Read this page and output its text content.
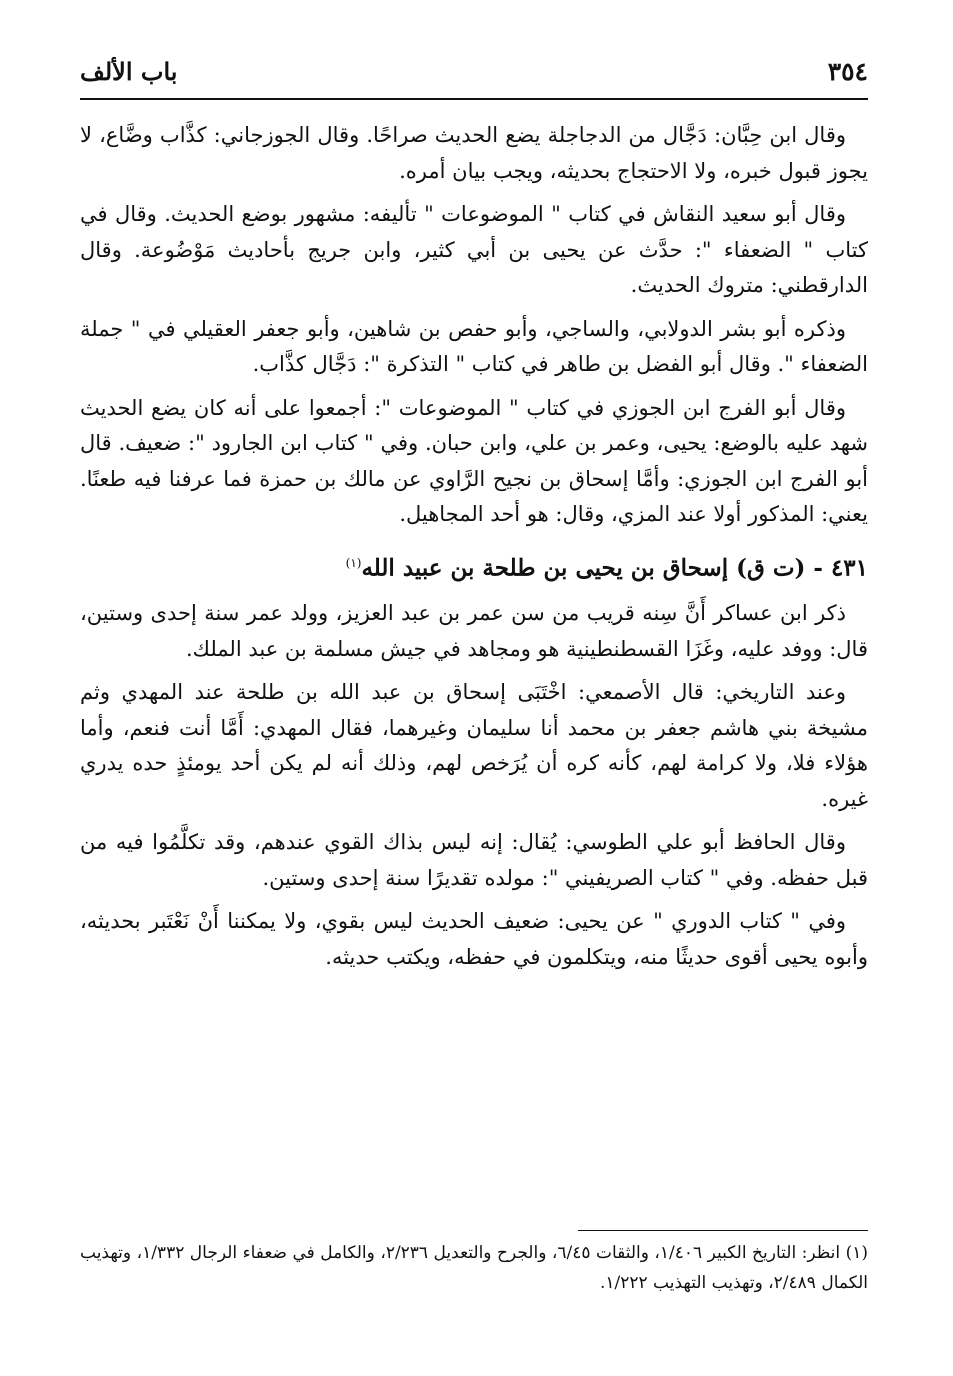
٣٥٤
باب الألف

وقال ابن حِبَّان: دَجَّال من الدجاجلة يضع الحديث صراحًا. وقال الجوزجاني: كذَّاب وضَّاع، لا يجوز قبول خبره، ولا الاحتجاج بحديثه، ويجب بيان أمره.

وقال أبو سعيد النقاش في كتاب " الموضوعات " تأليفه: مشهور بوضع الحديث. وقال في كتاب " الضعفاء ": حدَّث عن يحيى بن أبي كثير، وابن جريج بأحاديث مَوْضُوعة. وقال الدارقطني: متروك الحديث.

وذكره أبو بشر الدولابي، والساجي، وأبو حفص بن شاهين، وأبو جعفر العقيلي في " جملة الضعفاء ". وقال أبو الفضل بن طاهر في كتاب " التذكرة ": دَجَّال كذَّاب.

وقال أبو الفرج ابن الجوزي في كتاب " الموضوعات ": أجمعوا على أنه كان يضع الحديث شهد عليه بالوضع: يحيى، وعمر بن علي، وابن حبان. وفي " كتاب ابن الجارود ": ضعيف. قال أبو الفرج ابن الجوزي: وأمَّا إسحاق بن نجيح الرَّاوي عن مالك بن حمزة فما عرفنا فيه طعنًا. يعني: المذكور أولا عند المزي، وقال: هو أحد المجاهيل.

٤٣١ - (ت ق) إسحاق بن يحيى بن طلحة بن عبيد الله$^{(١)}$

ذكر ابن عساكر أَنَّ سِنه قريب من سن عمر بن عبد العزيز، وولد عمر سنة إحدى وستين، قال: ووفد عليه، وغَزَا القسطنطينية هو ومجاهد في جيش مسلمة بن عبد الملك.

وعند التاريخي: قال الأصمعي: اخْتَبَى إسحاق بن عبد الله بن طلحة عند المهدي وثم مشيخة بني هاشم جعفر بن محمد أنا سليمان وغيرهما، فقال المهدي: أَمَّا أنت فنعم، وأما هؤلاء فلا، ولا كرامة لهم، كأنه كره أن يُرَخص لهم، وذلك أنه لم يكن أحد يومئذٍ حده يدري غيره.

وقال الحافظ أبو علي الطوسي: يُقال: إنه ليس بذاك القوي عندهم، وقد تكلَّمُوا فيه من قبل حفظه. وفي " كتاب الصريفيني ": مولده تقديرًا سنة إحدى وستين.

وفي " كتاب الدوري " عن يحيى: ضعيف الحديث ليس بقوي، ولا يمكننا أَنْ نَعْتَبر بحديثه، وأبوه يحيى أقوى حديثًا منه، ويتكلمون في حفظه، ويكتب حديثه.

(١) انظر: التاريخ الكبير ١/٤٠٦، والثقات ٦/٤٥، والجرح والتعديل ٢/٢٣٦، والكامل في ضعفاء الرجال ١/٣٣٢، وتهذيب الكمال ٢/٤٨٩، وتهذيب التهذيب ١/٢٢٢.
